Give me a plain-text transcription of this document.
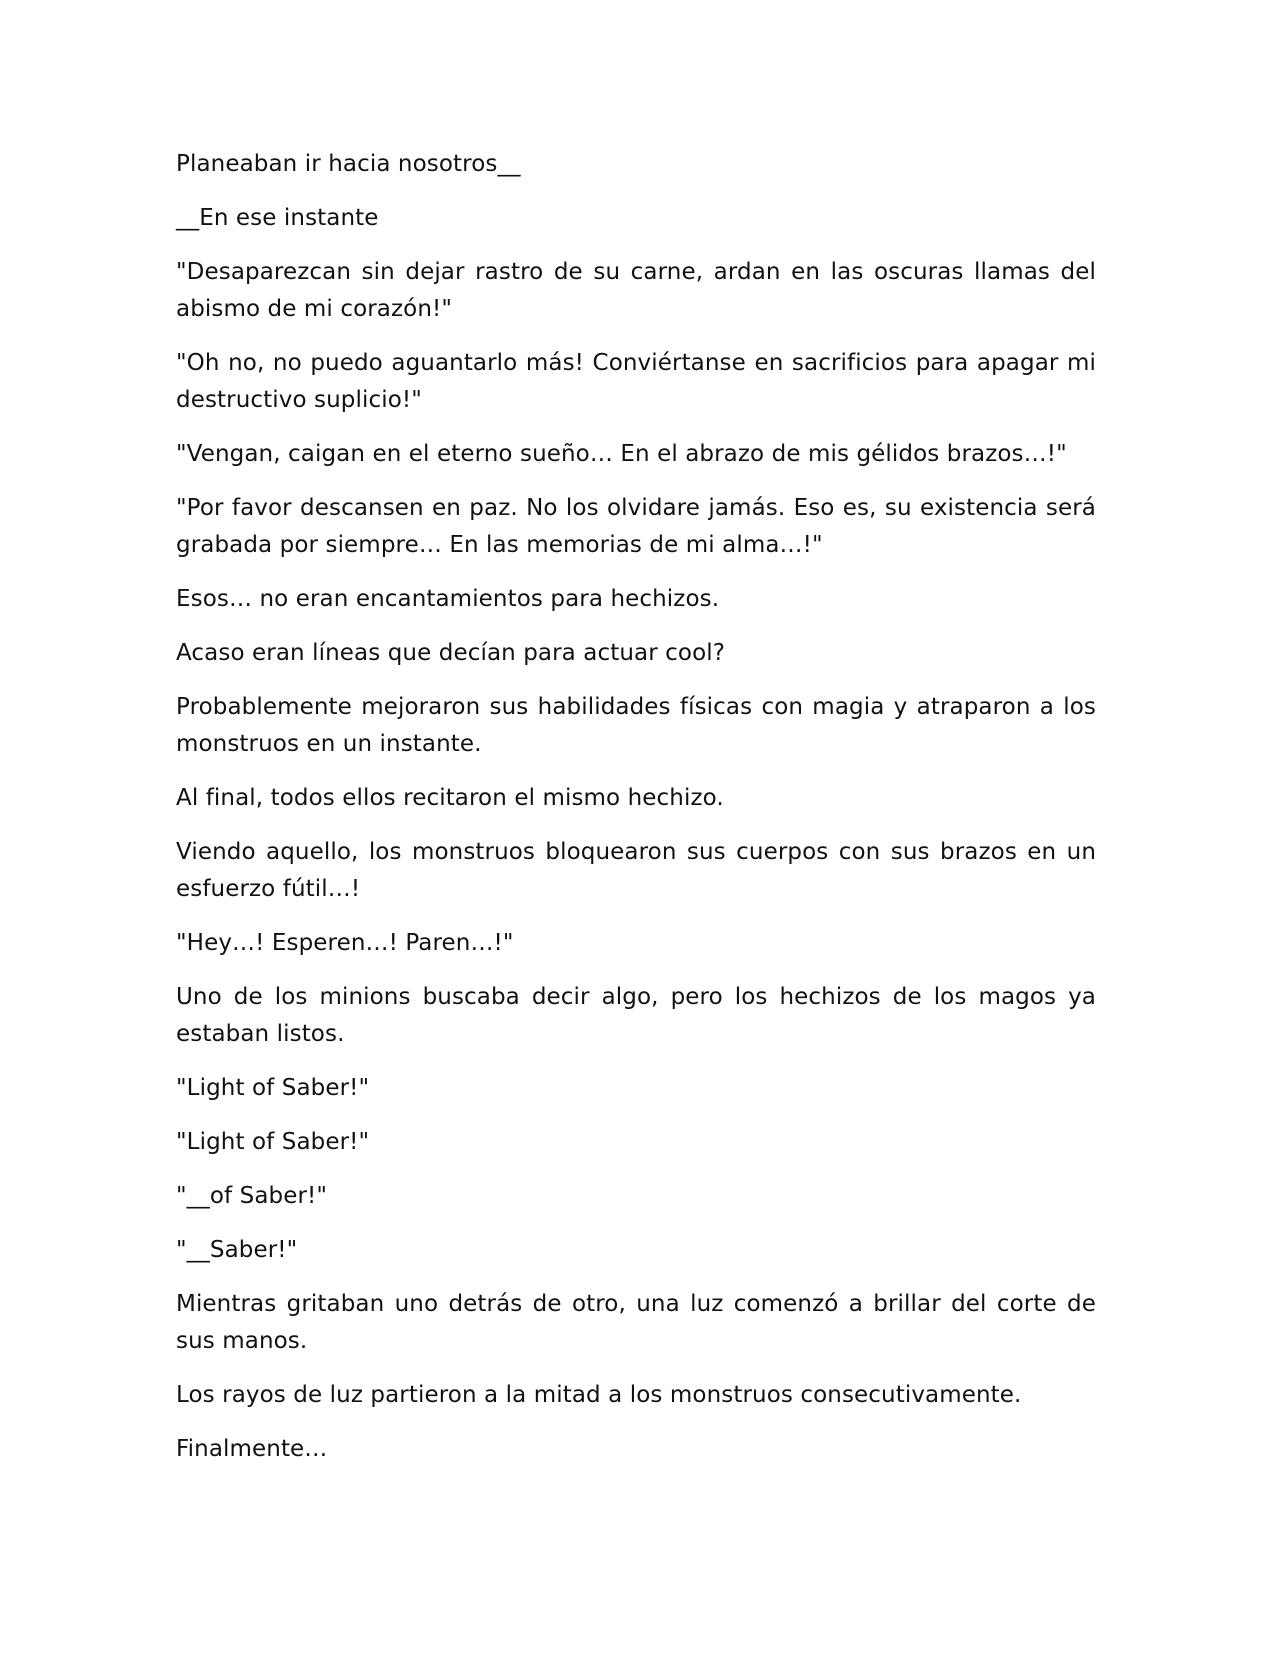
Planeaban ir hacia nosotros__

__En ese instante

"Desaparezcan sin dejar rastro de su carne, ardan en las oscuras llamas del abismo de mi corazón!"

"Oh no, no puedo aguantarlo más! Conviértanse en sacrificios para apagar mi destructivo suplicio!"

"Vengan, caigan en el eterno sueño… En el abrazo de mis gélidos brazos…!"

"Por favor descansen en paz. No los olvidare jamás. Eso es, su existencia será grabada por siempre… En las memorias de mi alma…!"

Esos… no eran encantamientos para hechizos.

Acaso eran líneas que decían para actuar cool?

Probablemente mejoraron sus habilidades físicas con magia y atraparon a los monstruos en un instante.

Al final, todos ellos recitaron el mismo hechizo.

Viendo aquello, los monstruos bloquearon sus cuerpos con sus brazos en un esfuerzo fútil…!

"Hey…! Esperen…! Paren…!"

Uno de los minions buscaba decir algo, pero los hechizos de los magos ya estaban listos.

"Light of Saber!"

"Light of Saber!"

"__of Saber!"

"__Saber!"

Mientras gritaban uno detrás de otro, una luz comenzó a brillar del corte de sus manos.

Los rayos de luz partieron a la mitad a los monstruos consecutivamente.

Finalmente…
